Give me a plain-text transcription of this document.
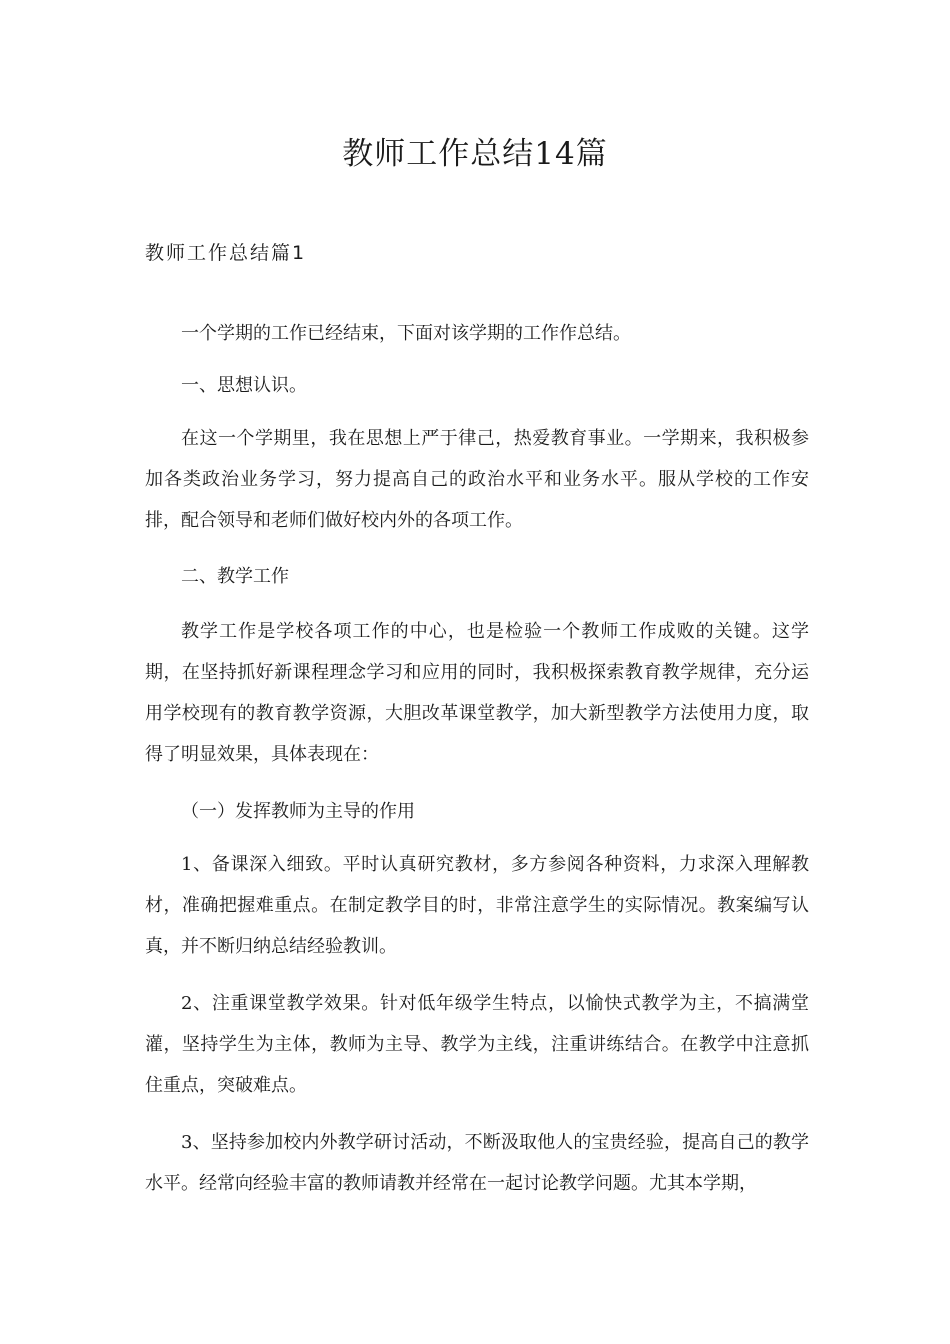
教师工作总结14篇
教师工作总结篇1

一个学期的工作已经结束，下面对该学期的工作作总结。

一、思想认识。

在这一个学期里，我在思想上严于律己，热爱教育事业。一学期来，我积极参加各类政治业务学习，努力提高自己的政治水平和业务水平。服从学校的工作安排，配合领导和老师们做好校内外的各项工作。

二、教学工作

教学工作是学校各项工作的中心，也是检验一个教师工作成败的关键。这学期，在坚持抓好新课程理念学习和应用的同时，我积极探索教育教学规律，充分运用学校现有的教育教学资源，大胆改革课堂教学，加大新型教学方法使用力度，取得了明显效果，具体表现在：

（一）发挥教师为主导的作用

1、备课深入细致。平时认真研究教材，多方参阅各种资料，力求深入理解教材，准确把握难重点。在制定教学目的时，非常注意学生的实际情况。教案编写认真，并不断归纳总结经验教训。

2、注重课堂教学效果。针对低年级学生特点，以愉快式教学为主，不搞满堂灌，坚持学生为主体，教师为主导、教学为主线，注重讲练结合。在教学中注意抓住重点，突破难点。

3、坚持参加校内外教学研讨活动，不断汲取他人的宝贵经验，提高自己的教学水平。经常向经验丰富的教师请教并经常在一起讨论教学问题。尤其本学期，
